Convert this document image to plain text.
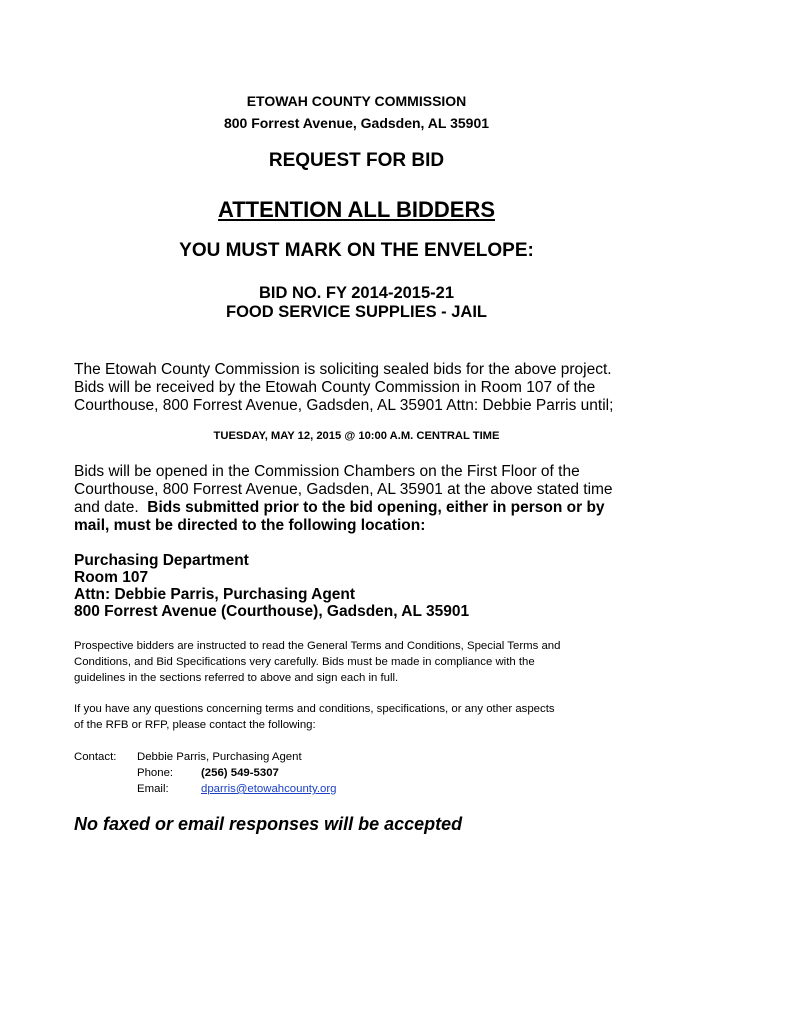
ETOWAH COUNTY COMMISSION
800 Forrest Avenue, Gadsden, AL 35901
REQUEST FOR BID
ATTENTION ALL BIDDERS
YOU MUST MARK ON THE ENVELOPE:
BID NO. FY 2014-2015-21
FOOD SERVICE SUPPLIES - JAIL
The Etowah County Commission is soliciting sealed bids for the above project.
Bids will be received by the Etowah County Commission in Room 107 of the
Courthouse, 800 Forrest Avenue, Gadsden, AL 35901 Attn: Debbie Parris until;
TUESDAY, MAY 12, 2015 @ 10:00 A.M. CENTRAL TIME
Bids will be opened in the Commission Chambers on the First Floor of the
Courthouse, 800 Forrest Avenue, Gadsden, AL 35901 at the above stated time
and date.  Bids submitted prior to the bid opening, either in person or by
mail, must be directed to the following location:
Purchasing Department
Room 107
Attn: Debbie Parris, Purchasing Agent
800 Forrest Avenue (Courthouse), Gadsden, AL 35901
Prospective bidders are instructed to read the General Terms and Conditions, Special Terms and
Conditions, and Bid Specifications very carefully. Bids must be made in compliance with the
guidelines in the sections referred to above and sign each in full.
If you have any questions concerning terms and conditions, specifications, or any other aspects
of the RFB or RFP, please contact the following:
Contact: Debbie Parris, Purchasing Agent
Phone: (256) 549-5307
Email:	dparris@etowahcounty.org
No faxed or email responses will be accepted
